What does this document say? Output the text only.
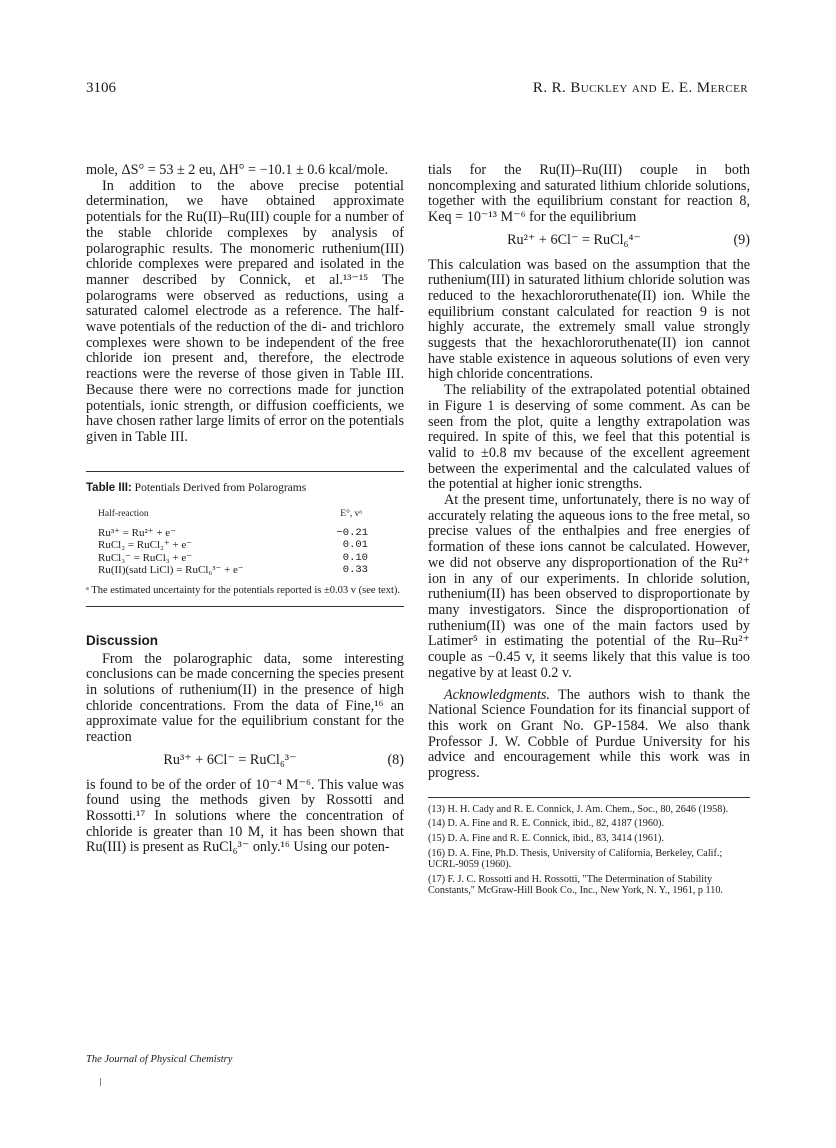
3106	R. R. Buckley and E. E. Mercer

mole, ΔS° = 53 ± 2 eu, ΔH° = −10.1 ± 0.6 kcal/mole.

In addition to the above precise potential determination, we have obtained approximate potentials for the Ru(II)–Ru(III) couple for a number of the stable chloride complexes by analysis of polarographic results. The monomeric ruthenium(III) chloride complexes were prepared and isolated in the manner described by Connick, et al.¹³⁻¹⁵ The polarograms were observed as reductions, using a saturated calomel electrode as a reference. The half-wave potentials of the reduction of the di- and trichloro complexes were shown to be independent of the free chloride ion present and, therefore, the electrode reactions were the reverse of those given in Table III. Because there were no corrections made for junction potentials, ionic strength, or diffusion coefficients, we have chosen rather large limits of error on the potentials given in Table III.

Table III: Potentials Derived from Polarograms
Half-reaction	E°, vᵃ
Ru³⁺ = Ru²⁺ + e⁻	−0.21
RuCl₂ = RuCl₂⁺ + e⁻	0.01
RuCl₃⁻ = RuCl₃ + e⁻	0.10
Ru(II)(satd LiCl) = RuCl₆³⁻ + e⁻	0.33
ᵃ The estimated uncertainty for the potentials reported is ±0.03 v (see text).
Discussion

From the polarographic data, some interesting conclusions can be made concerning the species present in solutions of ruthenium(II) in the presence of high chloride concentrations. From the data of Fine,¹⁶ an approximate value for the equilibrium constant for the reaction

Ru³⁺ + 6Cl⁻ = RuCl₆³⁻	(8)

is found to be of the order of 10⁻⁴ M⁻⁶. This value was found using the methods given by Rossotti and Rossotti.¹⁷ In solutions where the concentration of chloride is greater than 10 M, it has been shown that Ru(III) is present as RuCl₆³⁻ only.¹⁶ Using our poten-

tials for the Ru(II)–Ru(III) couple in both noncomplexing and saturated lithium chloride solutions, together with the equilibrium constant for reaction 8, Keq = 10⁻¹³ M⁻⁶ for the equilibrium

Ru²⁺ + 6Cl⁻ = RuCl₆⁴⁻	(9)

This calculation was based on the assumption that the ruthenium(III) in saturated lithium chloride solution was reduced to the hexachlororuthenate(II) ion. While the equilibrium constant calculated for reaction 9 is not highly accurate, the extremely small value strongly suggests that the hexachlororuthenate(II) ion cannot have stable existence in aqueous solutions of even very high chloride concentrations.

The reliability of the extrapolated potential obtained in Figure 1 is deserving of some comment. As can be seen from the plot, quite a lengthy extrapolation was required. In spite of this, we feel that this potential is valid to ±0.8 mv because of the excellent agreement between the experimental and the calculated values of the potential at higher ionic strengths.

At the present time, unfortunately, there is no way of accurately relating the aqueous ions to the free metal, so precise values of the enthalpies and free energies of formation of these ions cannot be calculated. However, we did not observe any disproportionation of the Ru²⁺ ion in any of our experiments. In chloride solution, ruthenium(II) has been observed to disproportionate by many investigators. Since the disproportionation of ruthenium(II) was one of the main factors used by Latimer⁵ in estimating the potential of the Ru–Ru²⁺ couple as −0.45 v, it seems likely that this value is too negative by at least 0.2 v.

Acknowledgments. The authors wish to thank the National Science Foundation for its financial support of this work on Grant No. GP-1584. We also thank Professor J. W. Cobble of Purdue University for his advice and encouragement while this work was in progress.

(13) H. H. Cady and R. E. Connick, J. Am. Chem., Soc., 80, 2646 (1958).
(14) D. A. Fine and R. E. Connick, ibid., 82, 4187 (1960).
(15) D. A. Fine and R. E. Connick, ibid., 83, 3414 (1961).
(16) D. A. Fine, Ph.D. Thesis, University of California, Berkeley, Calif.; UCRL-9059 (1960).
(17) F. J. C. Rossotti and H. Rossotti, "The Determination of Stability Constants," McGraw-Hill Book Co., Inc., New York, N. Y., 1961, p 110.
The Journal of Physical Chemistry
